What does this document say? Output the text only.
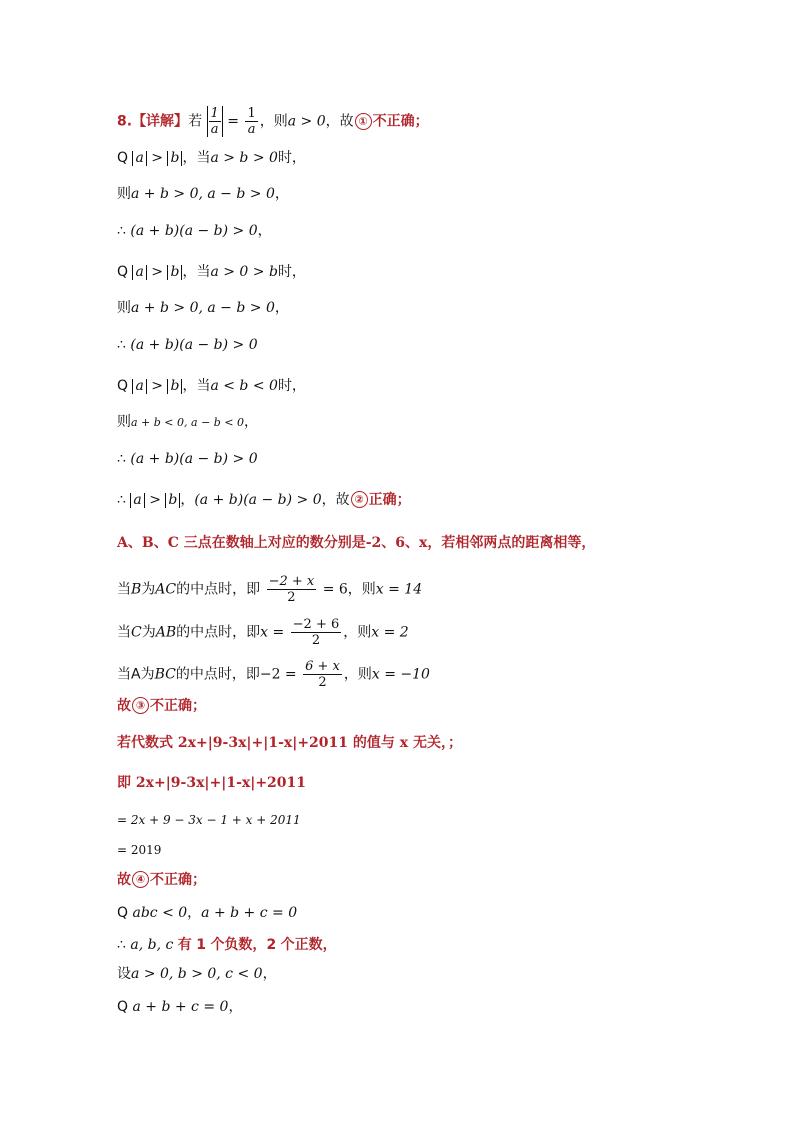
8.【详解】若 $\frac{1}{a} = \frac{1}{a}$ ，则a > 0，故 ① 不正确；
Q a > b ，当a > b > 0时，
则a + b > 0, a − b > 0，
∴ (a + b)(a − b) > 0，
Q a > b ，当a > 0 > b时，
则a + b > 0, a − b > 0，
∴ (a + b)(a − b) > 0
Q a > b ，当a < b < 0时，
则a + b < 0, a − b < 0，
∴ (a + b)(a − b) > 0
∴ a > b ，(a + b)(a − b) > 0，故 ② 正确；
A、B、C 三点在数轴上对应的数分别是-2、6、x，若相邻两点的距离相等，
当B为AC的中点时，即 $\frac{-2 + x}{2} = 6$，则x = 14
当C为AB的中点时，即$x = \frac{-2 + 6}{2}$ ，则x = 2
当A为BC的中点时，即$-2 = \frac{6 + x}{2}$ ，则x = −10
故 ③ 不正确；
若代数式 2x+|9-3x|+|1-x|+2011 的值与 x 无关，；
即 2x+|9-3x|+|1-x|+2011
= 2x + 9 − 3x − 1 + x + 2011
= 2019
故 ④ 不正确；
Q abc < 0，a + b + c = 0
∴ a, b, c 有 1 个负数，2 个正数，
设a > 0, b > 0, c < 0，
Q a + b + c = 0，
